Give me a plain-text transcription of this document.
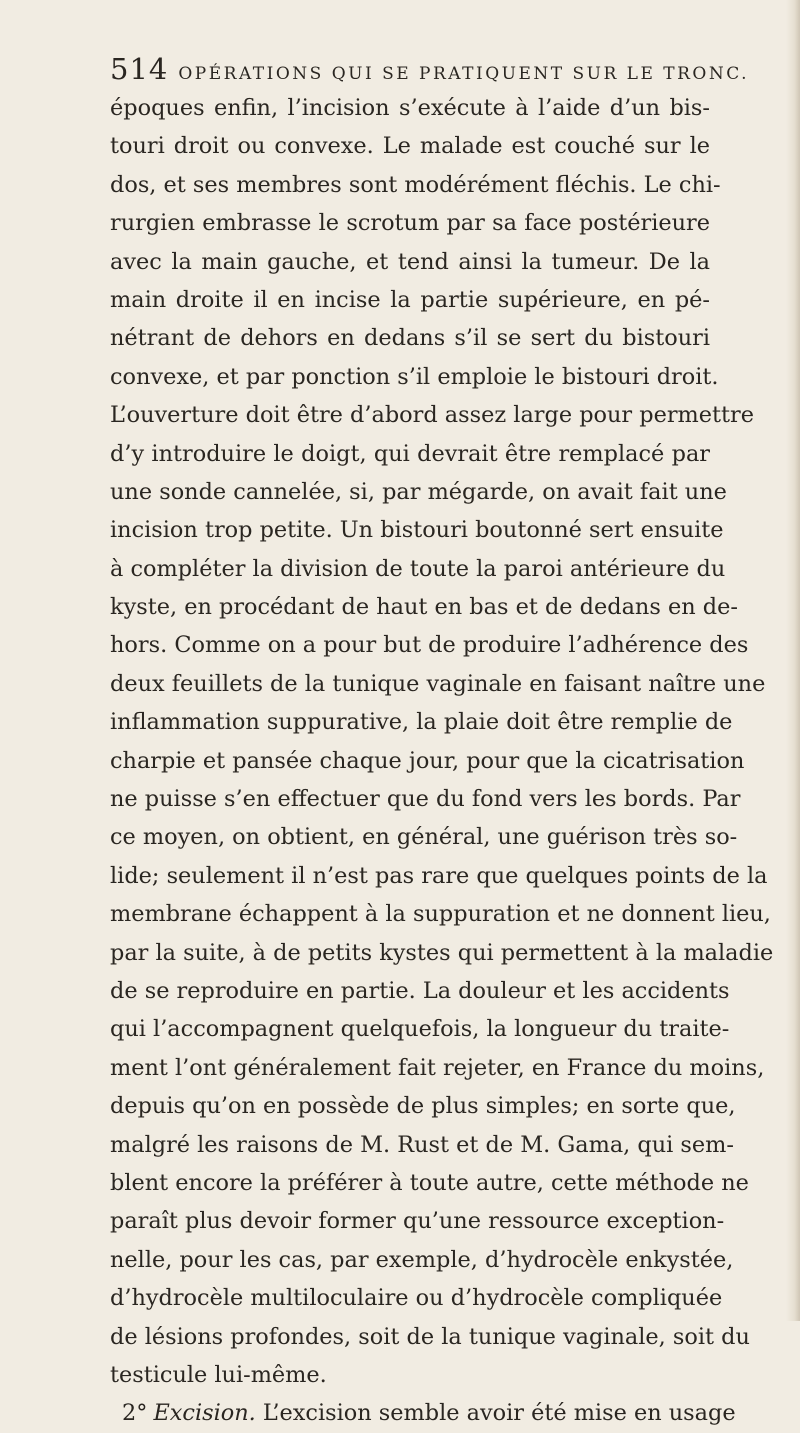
514 OPÉRATIONS QUI SE PRATIQUENT SUR LE TRONC.
époques enfin, l’incision s’exécute à l’aide d’un bis-
touri droit ou convexe. Le malade est couché sur le
dos, et ses membres sont modérément fléchis. Le chi-
rurgien embrasse le scrotum par sa face postérieure
avec la main gauche, et tend ainsi la tumeur. De la
main droite il en incise la partie supérieure, en pé-
nétrant de dehors en dedans s’il se sert du bistouri
convexe, et par ponction s’il emploie le bistouri droit.
L’ouverture doit être d’abord assez large pour permettre
d’y introduire le doigt, qui devrait être remplacé par
une sonde cannelée, si, par mégarde, on avait fait une
incision trop petite. Un bistouri boutonné sert ensuite
à compléter la division de toute la paroi antérieure du
kyste, en procédant de haut en bas et de dedans en de-
hors. Comme on a pour but de produire l’adhérence des
deux feuillets de la tunique vaginale en faisant naître une
inflammation suppurative, la plaie doit être remplie de
charpie et pansée chaque jour, pour que la cicatrisation
ne puisse s’en effectuer que du fond vers les bords. Par
ce moyen, on obtient, en général, une guérison très so-
lide; seulement il n’est pas rare que quelques points de la
membrane échappent à la suppuration et ne donnent lieu,
par la suite, à de petits kystes qui permettent à la maladie
de se reproduire en partie. La douleur et les accidents
qui l’accompagnent quelquefois, la longueur du traite-
ment l’ont généralement fait rejeter, en France du moins,
depuis qu’on en possède de plus simples; en sorte que,
malgré les raisons de M. Rust et de M. Gama, qui sem-
blent encore la préférer à toute autre, cette méthode ne
paraît plus devoir former qu’une ressource exception-
nelle, pour les cas, par exemple, d’hydrocèle enkystée,
d’hydrocèle multiloculaire ou d’hydrocèle compliquée
de lésions profondes, soit de la tunique vaginale, soit du
testicule lui-même.
2° Excision. L’excision semble avoir été mise en usage
